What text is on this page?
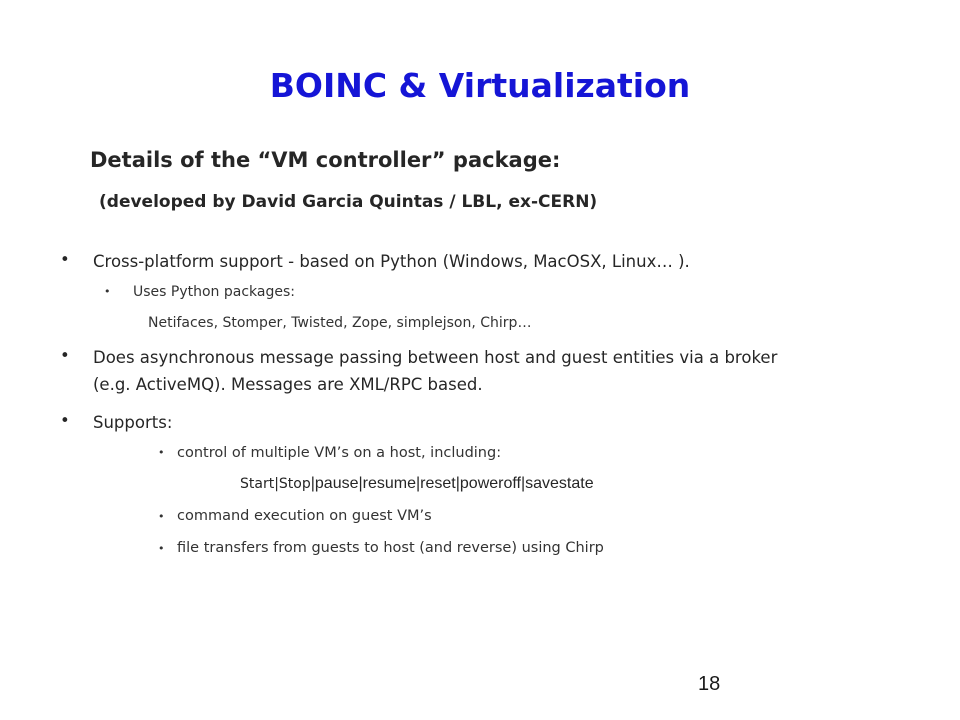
BOINC & Virtualization

Details of the “VM controller” package:

(developed by David Garcia Quintas / LBL, ex-CERN)

• Cross-platform support - based on Python (Windows, MacOSX, Linux… ).

• Uses Python packages:

Netifaces, Stomper, Twisted, Zope, simplejson, Chirp…

• Does asynchronous message passing between host and guest entities via a broker

(e.g. ActiveMQ). Messages are XML/RPC based.

• Supports:

• control of multiple VM’s on a host, including:

Start|Stop|pause|resume|reset|poweroff|savestate

• command execution on guest VM’s

• file transfers from guests to host (and reverse) using Chirp

18
